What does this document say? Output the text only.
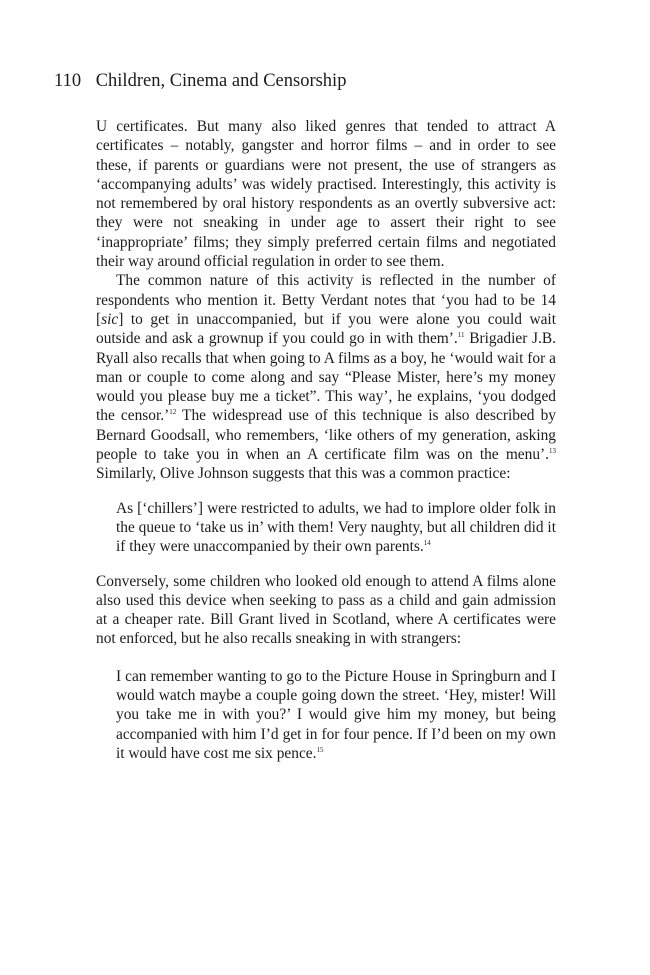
110 Children, Cinema and Censorship

U certificates. But many also liked genres that tended to attract A certificates – notably, gangster and horror films – and in order to see these, if parents or guardians were not present, the use of strangers as ‘accompanying adults’ was widely practised. Interestingly, this activity is not remembered by oral history respondents as an overtly subversive act: they were not sneaking in under age to assert their right to see ‘inappropriate’ films; they simply preferred certain films and negotiated their way around official regulation in order to see them.

The common nature of this activity is reflected in the number of respondents who mention it. Betty Verdant notes that ‘you had to be 14 [sic] to get in unaccompanied, but if you were alone you could wait outside and ask a grownup if you could go in with them’.$^{11}$ Brigadier J.B. Ryall also recalls that when going to A films as a boy, he ‘would wait for a man or couple to come along and say “Please Mister, here’s my money would you please buy me a ticket”. This way’, he explains, ‘you dodged the censor.’$^{12}$ The widespread use of this technique is also described by Bernard Goodsall, who remembers, ‘like others of my generation, asking people to take you in when an A certificate film was on the menu’.$^{13}$ Similarly, Olive Johnson suggests that this was a common practice:

As [‘chillers’] were restricted to adults, we had to implore older folk in the queue to ‘take us in’ with them! Very naughty, but all children did it if they were unaccompanied by their own parents.$^{14}$

Conversely, some children who looked old enough to attend A films alone also used this device when seeking to pass as a child and gain admission at a cheaper rate. Bill Grant lived in Scotland, where A certificates were not enforced, but he also recalls sneaking in with strangers:

I can remember wanting to go to the Picture House in Springburn and I would watch maybe a couple going down the street. ‘Hey, mister! Will you take me in with you?’ I would give him my money, but being accompanied with him I’d get in for four pence. If I’d been on my own it would have cost me six pence.$^{15}$
